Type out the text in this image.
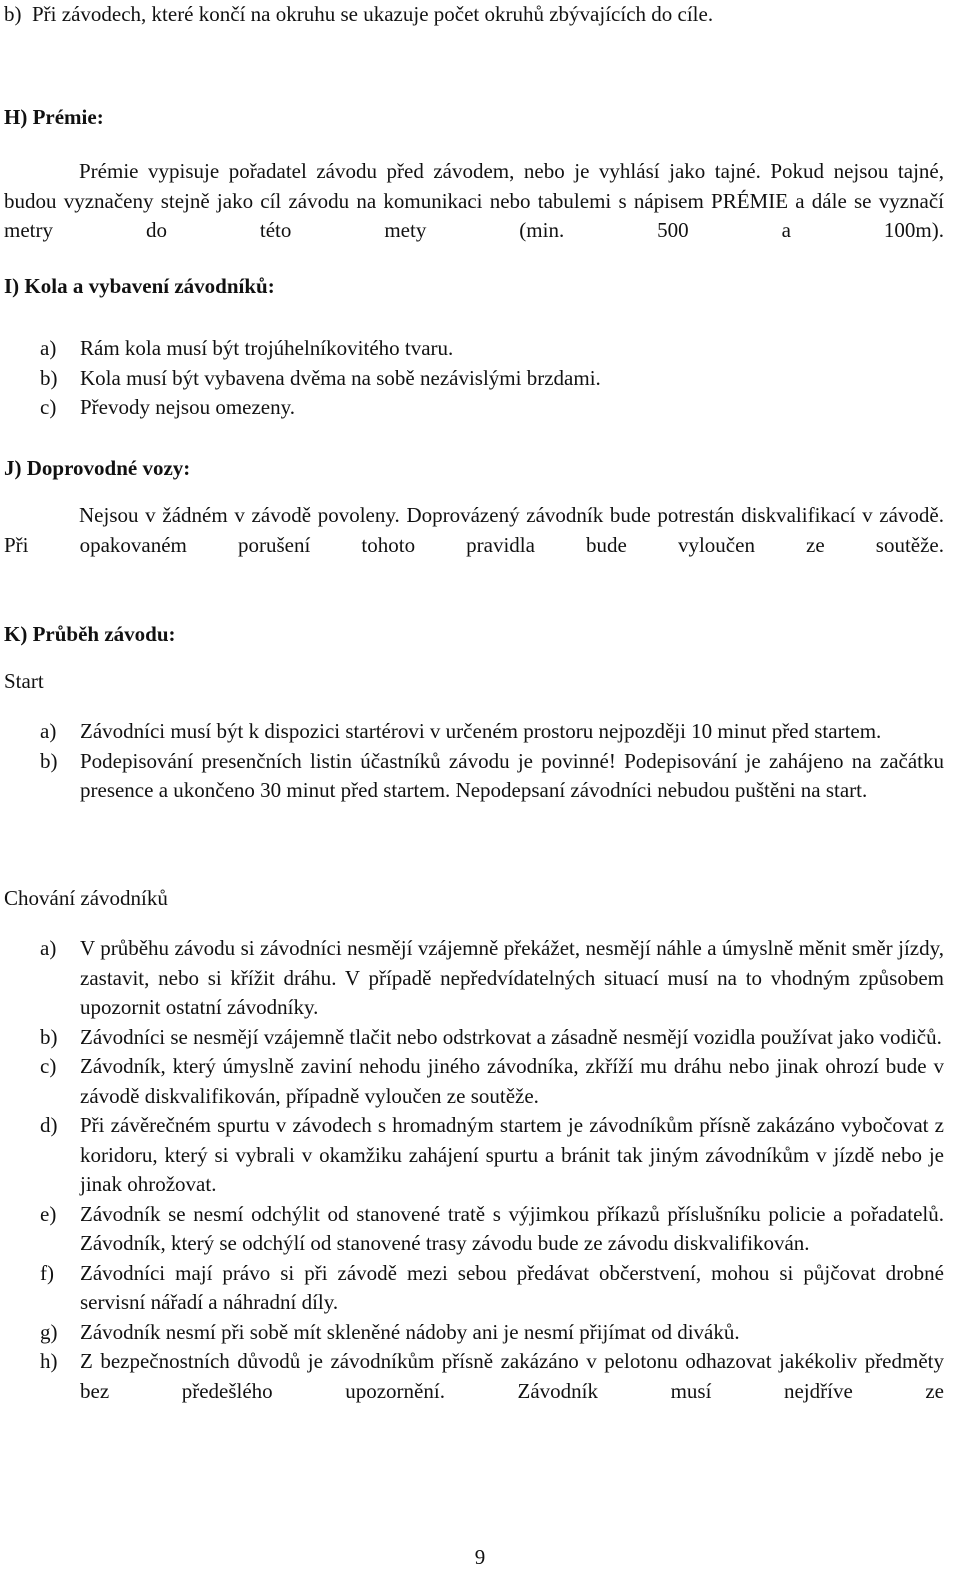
b)  Při závodech, které končí na okruhu se ukazuje počet okruhů zbývajících do cíle.

H) Prémie:

Prémie vypisuje pořadatel závodu před závodem, nebo je vyhlásí jako tajné. Pokud nejsou tajné, budou vyznačeny stejně jako cíl závodu na komunikaci nebo tabulemi s nápisem PRÉMIE a dále se vyznačí metry do této mety (min. 500 a 100m).

I) Kola a vybavení závodníků:

a) Rám kola musí být trojúhelníkovitého tvaru.
b) Kola musí být vybavena dvěma na sobě nezávislými brzdami.
c) Převody nejsou omezeny.

J) Doprovodné vozy:

Nejsou v žádném v závodě povoleny. Doprovázený závodník bude potrestán diskvalifikací v závodě. Při opakovaném porušení tohoto pravidla bude vyloučen ze soutěže.

K) Průběh závodu:

Start

a) Závodníci musí být k dispozici startérovi v určeném prostoru nejpozději 10 minut před startem.
b) Podepisování presenčních listin účastníků závodu je povinné! Podepisování je zahájeno na začátku presence a ukončeno 30 minut před startem. Nepodepsaní závodníci nebudou puštěni na start.

Chování závodníků

a) V průběhu závodu si závodníci nesmějí vzájemně překážet, nesmějí náhle a úmyslně měnit směr jízdy, zastavit, nebo si křížit dráhu. V případě nepředvídatelných situací musí na to vhodným způsobem upozornit ostatní závodníky.
b) Závodníci se nesmějí vzájemně tlačit nebo odstrkovat a zásadně nesmějí vozidla používat jako vodičů.
c) Závodník, který úmyslně zaviní nehodu jiného závodníka, zkříží mu dráhu nebo jinak ohrozí bude v závodě diskvalifikován, případně vyloučen ze soutěže.
d) Při závěrečném spurtu v závodech s hromadným startem je závodníkům přísně zakázáno vybočovat z koridoru, který si vybrali v okamžiku zahájení spurtu a bránit tak jiným závodníkům v jízdě nebo je jinak ohrožovat.
e) Závodník se nesmí odchýlit od stanovené tratě s výjimkou příkazů příslušníku policie a pořadatelů. Závodník, který se odchýlí od stanovené trasy závodu bude ze závodu diskvalifikován.
f) Závodníci mají právo si při závodě mezi sebou předávat občerstvení, mohou si půjčovat drobné servisní nářadí a náhradní díly.
g) Závodník nesmí při sobě mít skleněné nádoby ani je nesmí přijímat od diváků.
h) Z bezpečnostních důvodů je závodníkům přísně zakázáno v pelotonu odhazovat jakékoliv předměty bez předešlého upozornění. Závodník musí nejdříve ze
9
